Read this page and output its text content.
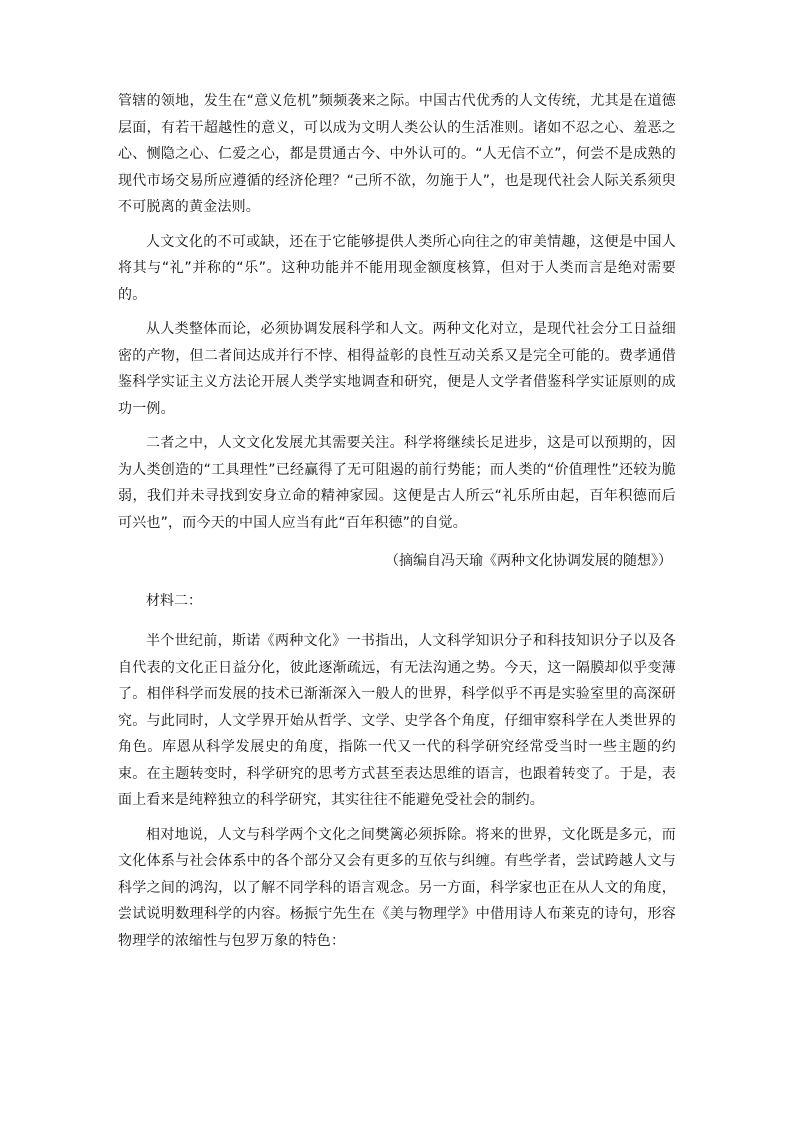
管辖的领地，发生在“意义危机”频频袭来之际。中国古代优秀的人文传统，尤其是在道德层面，有若干超越性的意义，可以成为文明人类公认的生活准则。诸如不忍之心、羞恶之心、恻隐之心、仁爱之心，都是贯通古今、中外认可的。“人无信不立”，何尝不是成熟的现代市场交易所应遵循的经济伦理？“己所不欲，勿施于人”，也是现代社会人际关系须臾不可脱离的黄金法则。

人文文化的不可或缺，还在于它能够提供人类所心向往之的审美情趣，这便是中国人将其与“礼”并称的“乐”。这种功能并不能用现金额度核算，但对于人类而言是绝对需要的。

从人类整体而论，必须协调发展科学和人文。两种文化对立，是现代社会分工日益细密的产物，但二者间达成并行不悖、相得益彰的良性互动关系又是完全可能的。费孝通借鉴科学实证主义方法论开展人类学实地调查和研究，便是人文学者借鉴科学实证原则的成功一例。

二者之中，人文文化发展尤其需要关注。科学将继续长足进步，这是可以预期的，因为人类创造的“工具理性”已经赢得了无可阻遏的前行势能；而人类的“价值理性”还较为脆弱，我们并未寻找到安身立命的精神家园。这便是古人所云“礼乐所由起，百年积德而后可兴也”，而今天的中国人应当有此“百年积德”的自觉。

（摘编自冯天瑜《两种文化协调发展的随想》）

材料二：

半个世纪前，斯诺《两种文化》一书指出，人文科学知识分子和科技知识分子以及各自代表的文化正日益分化，彼此逐渐疏远，有无法沟通之势。今天，这一隔膜却似乎变薄了。相伴科学而发展的技术已渐渐深入一般人的世界，科学似乎不再是实验室里的高深研究。与此同时，人文学界开始从哲学、文学、史学各个角度，仔细审察科学在人类世界的角色。库恩从科学发展史的角度，指陈一代又一代的科学研究经常受当时一些主题的约束。在主题转变时，科学研究的思考方式甚至表达思维的语言，也跟着转变了。于是，表面上看来是纯粹独立的科学研究，其实往往不能避免受社会的制约。

相对地说，人文与科学两个文化之间樊篱必须拆除。将来的世界，文化既是多元，而文化体系与社会体系中的各个部分又会有更多的互依与纠缠。有些学者，尝试跨越人文与科学之间的鸿沟，以了解不同学科的语言观念。另一方面，科学家也正在从人文的角度，尝试说明数理科学的内容。杨振宁先生在《美与物理学》中借用诗人布莱克的诗句，形容物理学的浓缩性与包罗万象的特色：
